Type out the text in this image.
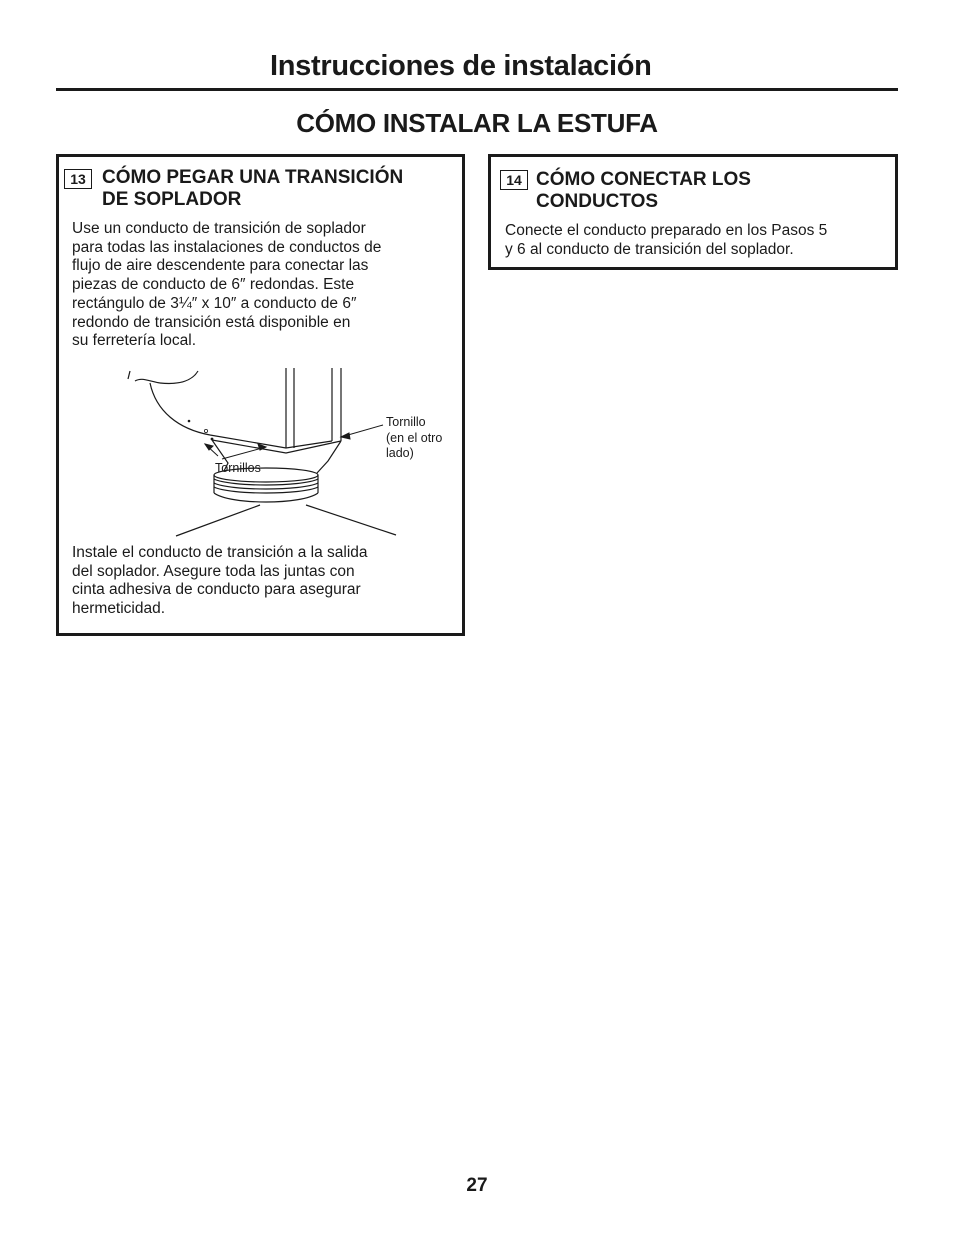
Instrucciones de instalación
CÓMO INSTALAR LA ESTUFA
13 CÓMO PEGAR UNA TRANSICIÓN
DE SOPLADOR
Use un conducto de transición de soplador
para todas las instalaciones de conductos de
flujo de aire descendente para conectar las
piezas de conducto de 6″ redondas. Este
rectángulo de 3¼″ x 10″ a conducto de 6″
redondo de transición está disponible en
su ferretería local.
Tornillos
Tornillo
(en el otro
lado)
Instale el conducto de transición a la salida
del soplador. Asegure toda las juntas con
cinta adhesiva de conducto para asegurar
hermeticidad.
14 CÓMO CONECTAR LOS
CONDUCTOS
Conecte el conducto preparado en los Pasos 5
y 6 al conducto de transición del soplador.
27
